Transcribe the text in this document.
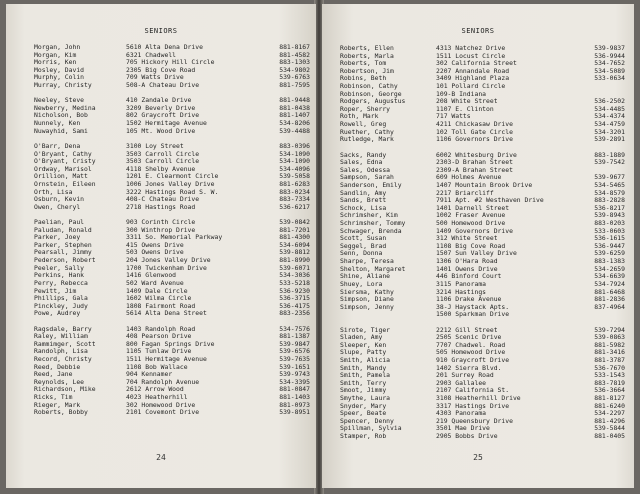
SENIORS
Morgan, John	5610 Alta Dena Drive	881-8167
Morgan, Kim	6321 Chadwell	881-4582
Morris, Ken	705 Hickory Hill Circle	883-1303
Mosley, David	2305 Big Cove Road	534-9802
Murphy, Colin	709 Watts Drive	539-6763
Murray, Christy	508-A Chateau Drive	881-7595
Neeley, Steve	410 Zandale Drive	881-9448
Newberry, Medina	3209 Beverly Drive	881-0438
Nicholson, Bob	802 Graycroft Drive	881-1407
Nunnely, Ken	1502 Hermitage Avenue	534-8206
Nuwayhid, Sami	105 Mt. Wood Drive	539-4488
O'Barr, Dena	3100 Loy Street	883-0396
O'Bryant, Cathy	3503 Carroll Circle	534-1090
O'Bryant, Cristy	3503 Carroll Circle	534-1090
Ordway, Marisol	4118 Shelby Avenue	534-4096
Orillion, Matt	1201 E. Clearmont Circle	539-5058
Ornstein, Eileen	1006 Jones Valley Drive	881-6283
Orth, Lisa	3222 Hastings Road S. W.	883-0234
Osburn, Kevin	408-C Chateau Drive	883-7334
Owen, Cheryl	2718 Hastings Road	536-6217
Paelian, Paul	903 Corinth Circle	539-0842
Paludan, Ronald	300 Winthrop Drive	881-7201
Parker, Joey	3311 So. Memorial Parkway	881-4300
Parker, Stephen	415 Owens Drive	534-6094
Pearsall, Jimmy	503 Owens Drive	539-8812
Pederson, Robert	204 Jones Valley Drive	881-8990
Peeler, Sally	1700 Twickenham Drive	539-6071
Perkins, Hank	1416 Glenwood	534-3036
Perry, Rebecca	502 Ward Avenue	533-5218
Pewitt, Jim	1409 Dale Circle	536-9230
Phillips, Gala	1602 Wilma Circle	536-3715
Pinckley, Judy	1808 Fairmont Road	536-4175
Powe, Audrey	5614 Alta Dena Street	883-2356
Ragsdale, Barry	1403 Randolph Road	534-7576
Raley, William	408 Pearson Drive	881-1387
Rammimger, Scott	800 Fagan Springs Drive	539-9847
Randolph, Lisa	1105 Tunlaw Drive	539-6576
Record, Christy	1511 Hermitage Avenue	539-7635
Reed, Debbie	1108 Bob Wallace	539-1651
Reed, Jane	904 Kennamer	539-9743
Reynolds, Lee	704 Randolph Avenue	534-3395
Richardson, Mike	2612 Arrow Wood	881-0847
Ricks, Tim	4023 Heatherhill	881-1403
Rieger, Mark	302 Homewood Drive	881-0973
Roberts, Bobby	2101 Covemont Drive	539-8951
24
SENIORS
Roberts, Ellen	4313 Natchez Drive	539-9837
Roberts, Marla	1511 Locust Circle	536-9944
Roberts, Tom	302 California Street	534-7652
Robertson, Jim	2207 Annandale Road	534-5089
Robins, Beth	3409 Highland Plaza	533-0634
Robinson, Cathy	101 Pollard Circle
Robinson, George	109-B Indiana
Rodgers, Augustus	208 White Street	536-2502
Roper, Sherry	1107 E. Clinton	534-4485
Roth, Mark	717 Watts	534-4374
Rowell, Greg	4211 Chickasaw Drive	534-4759
Ruether, Cathy	102 Toll Gate Circle	534-3201
Rutledge, Mark	1106 Governors Drive	539-2891
Sacks, Randy	6002 Whitesburg Drive	883-1889
Sales, Edna	2303-D Brahan Street	539-7542
Sales, Odessa	2309-A Brahan Street
Sampson, Sarah	609 Holmes Avenue	539-9677
Sanderson, Emily	1407 Mountain Brook Drive	534-5465
Sandlin, Amy	2217 Briarcliff	534-8579
Sands, Brett	7911 Apt. #2 Westhaven Drive	883-2828
Schock, Lisa	1401 Darnell Street	536-8217
Schrimsher, Kim	1002 Fraser Avenue	539-8943
Schrimsher, Tommy	500 Homewood Drive	883-0203
Schwager, Brenda	1409 Governors Drive	533-0603
Scott, Susan	312 White Street	536-1615
Seggel, Brad	1108 Big Cove Road	536-9447
Senn, Donna	1507 Sun Valley Drive	539-6259
Sharpe, Teresa	1306 O'Hara Road	883-1383
Shelton, Margaret	1401 Owens Drive	534-2659
Shine, Aliane	446 Binford Court	534-6639
Shuey, Lora	3115 Panorama	534-7924
Siersma, Kathy	3214 Hastings	881-6468
Simpson, Diane	1106 Drake Avenue	881-2836
Simpson, Jenny	38-J Haystack Apts.	837-4964
1500 Sparkman Drive
Sirote, Tiger	2212 Gill Street	539-7294
Sladen, Amy	2505 Scenic Drive	539-0863
Sleeper, Ken	7707 Chadwel. Road	881-5982
Slupe, Patty	505 Homewood Drive	881-3416
Smith, Alicia	910 Graycroft Drive	881-3787
Smith, Mandy	1402 Sierra Blvd.	536-7670
Smith, Pamela	201 Surrey Road	533-1543
Smith, Terry	2903 Gallalee	883-7819
Smoot, Jimmy	2107 California St.	536-3664
Smythe, Laura	3108 Heatherhill Drive	881-8127
Snyder, Mary	3317 Hastings Drive	881-6240
Speer, Beate	4303 Panorama	534-2297
Spencer, Denny	219 Queensbury Drive	881-4296
Spillman, Sylvia	3501 Mae Drive	539-5844
Stamper, Rob	2905 Bobbs Drive	881-0405
25
